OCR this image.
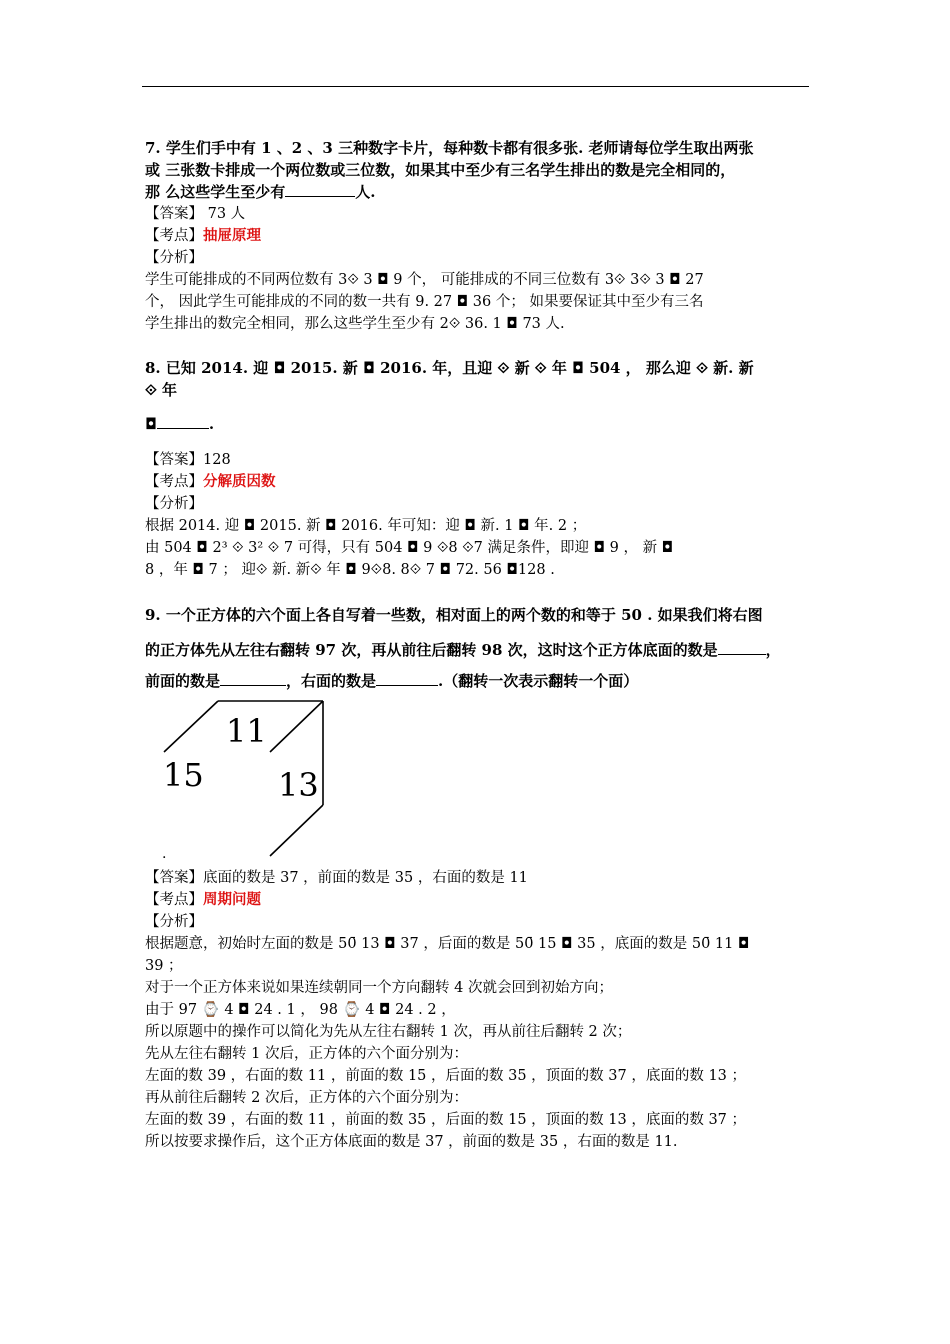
7. 学生们手中有 1 、2 、3 三种数字卡片，每种数卡都有很多张. 老师请每位学生取出两张
或 三张数卡排成一个两位数或三位数，如果其中至少有三名学生排出的数是完全相同的，
那 么这些学生至少有	人.
【答案】 73 人
【考点】抽屉原理
【分析】
学生可能排成的不同两位数有 3⟐ 3 ◘ 9 个， 可能排成的不同三位数有 3⟐ 3⟐ 3 ◘ 27
个， 因此学生可能排成的不同的数一共有 9. 27 ◘ 36 个； 如果要保证其中至少有三名
学生排出的数完全相同，那么这些学生至少有 2⟐ 36. 1 ◘ 73 人.
8. 已知 2014. 迎 ◘ 2015. 新 ◘ 2016. 年，且迎 ⟐ 新 ⟐ 年 ◘ 504 ， 那么迎 ⟐ 新. 新
⟐ 年
◘	.
【答案】128
【考点】分解质因数
【分析】
根据 2014. 迎 ◘ 2015. 新 ◘ 2016. 年可知：迎 ◘ 新. 1 ◘ 年. 2 ；
由 504 ◘ 2³ ⟐ 3² ⟐ 7 可得，只有 504 ◘ 9 ⟐8 ⟐7 满足条件，即迎 ◘ 9 ， 新 ◘
8 ，年 ◘ 7 ； 迎⟐ 新. 新⟐ 年 ◘ 9⟐8. 8⟐ 7 ◘ 72. 56 ◘128 .
9. 一个正方体的六个面上各自写着一些数，相对面上的两个数的和等于 50 . 如果我们将右图
的正方体先从左往右翻转 97 次，再从前往后翻转 98 次，这时这个正方体底面的数是	，
前面的数是	，右面的数是	.（翻转一次表示翻转一个面）
11
15 13
.
【答案】底面的数是 37 ，前面的数是 35 ，右面的数是 11
【考点】周期问题
【分析】
根据题意，初始时左面的数是 50̄ 13 ◘ 37 ，后面的数是 50̄ 15 ◘ 35 ，底面的数是 50̄ 11 ◘
39 ；
对于一个正方体来说如果连续朝同一个方向翻转 4 次就会回到初始方向；
由于 97 ⌚ 4 ◘ 24 . 1 ， 98 ⌚ 4 ◘ 24 . 2 ，
所以原题中的操作可以简化为先从左往右翻转 1 次，再从前往后翻转 2 次；
先从左往右翻转 1 次后，正方体的六个面分别为：
左面的数 39 ，右面的数 11 ，前面的数 15 ，后面的数 35 ，顶面的数 37 ，底面的数 13 ；
再从前往后翻转 2 次后，正方体的六个面分别为：
左面的数 39 ，右面的数 11 ，前面的数 35 ，后面的数 15 ，顶面的数 13 ，底面的数 37 ；
所以按要求操作后，这个正方体底面的数是 37 ，前面的数是 35 ，右面的数是 11.
